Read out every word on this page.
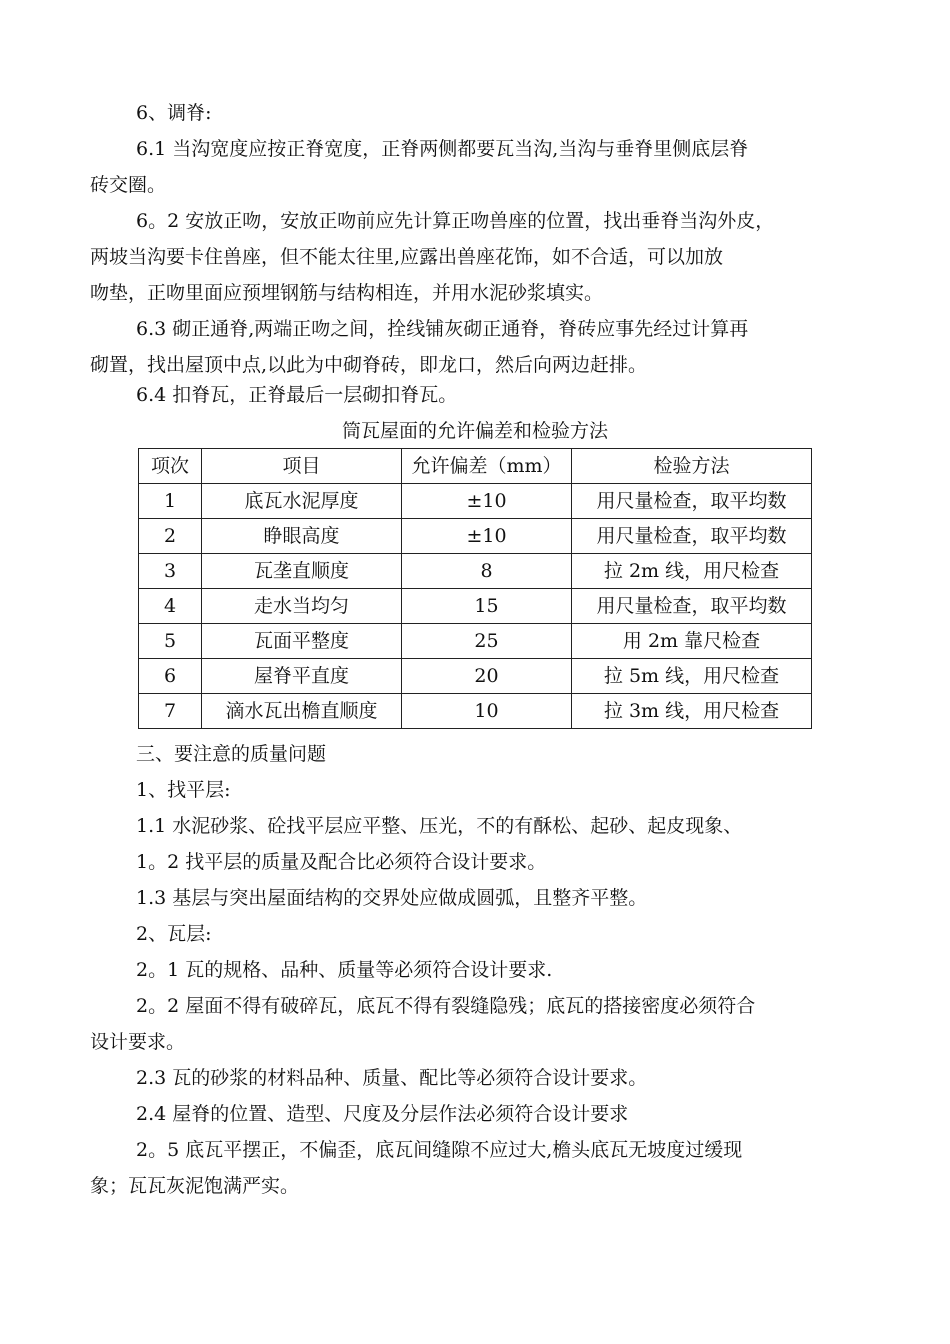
6、调脊:
6.1 当沟宽度应按正脊宽度，正脊两侧都要瓦当沟,当沟与垂脊里侧底层脊
砖交圈。
6。2 安放正吻，安放正吻前应先计算正吻兽座的位置，找出垂脊当沟外皮，
两坡当沟要卡住兽座，但不能太往里,应露出兽座花饰，如不合适，可以加放
吻垫，正吻里面应预埋钢筋与结构相连，并用水泥砂浆填实。
6.3 砌正通脊,两端正吻之间，拴线铺灰砌正通脊，脊砖应事先经过计算再
砌置，找出屋顶中点,以此为中砌脊砖，即龙口，然后向两边赶排。
6.4 扣脊瓦，正脊最后一层砌扣脊瓦。
筒瓦屋面的允许偏差和检验方法
项次	项目	允许偏差（mm）	检验方法
1	底瓦水泥厚度	±10	用尺量检查，取平均数
2	睁眼高度	±10	用尺量检查，取平均数
3	瓦垄直顺度	8	拉 2m 线，用尺检查
4	走水当均匀	15	用尺量检查，取平均数
5	瓦面平整度	25	用 2m 靠尺检查
6	屋脊平直度	20	拉 5m 线，用尺检查
7	滴水瓦出檐直顺度	10	拉 3m 线，用尺检查
三、要注意的质量问题
1、找平层:
1.1 水泥砂浆、砼找平层应平整、压光，不的有酥松、起砂、起皮现象、
1。2 找平层的质量及配合比必须符合设计要求。
1.3 基层与突出屋面结构的交界处应做成圆弧，且整齐平整。
2、瓦层:
2。1 瓦的规格、品种、质量等必须符合设计要求.
2。2 屋面不得有破碎瓦，底瓦不得有裂缝隐残；底瓦的搭接密度必须符合
设计要求。
2.3 瓦的砂浆的材料品种、质量、配比等必须符合设计要求。
2.4 屋脊的位置、造型、尺度及分层作法必须符合设计要求
2。5 底瓦平摆正，不偏歪，底瓦间缝隙不应过大,檐头底瓦无坡度过缓现
象；瓦瓦灰泥饱满严实。
